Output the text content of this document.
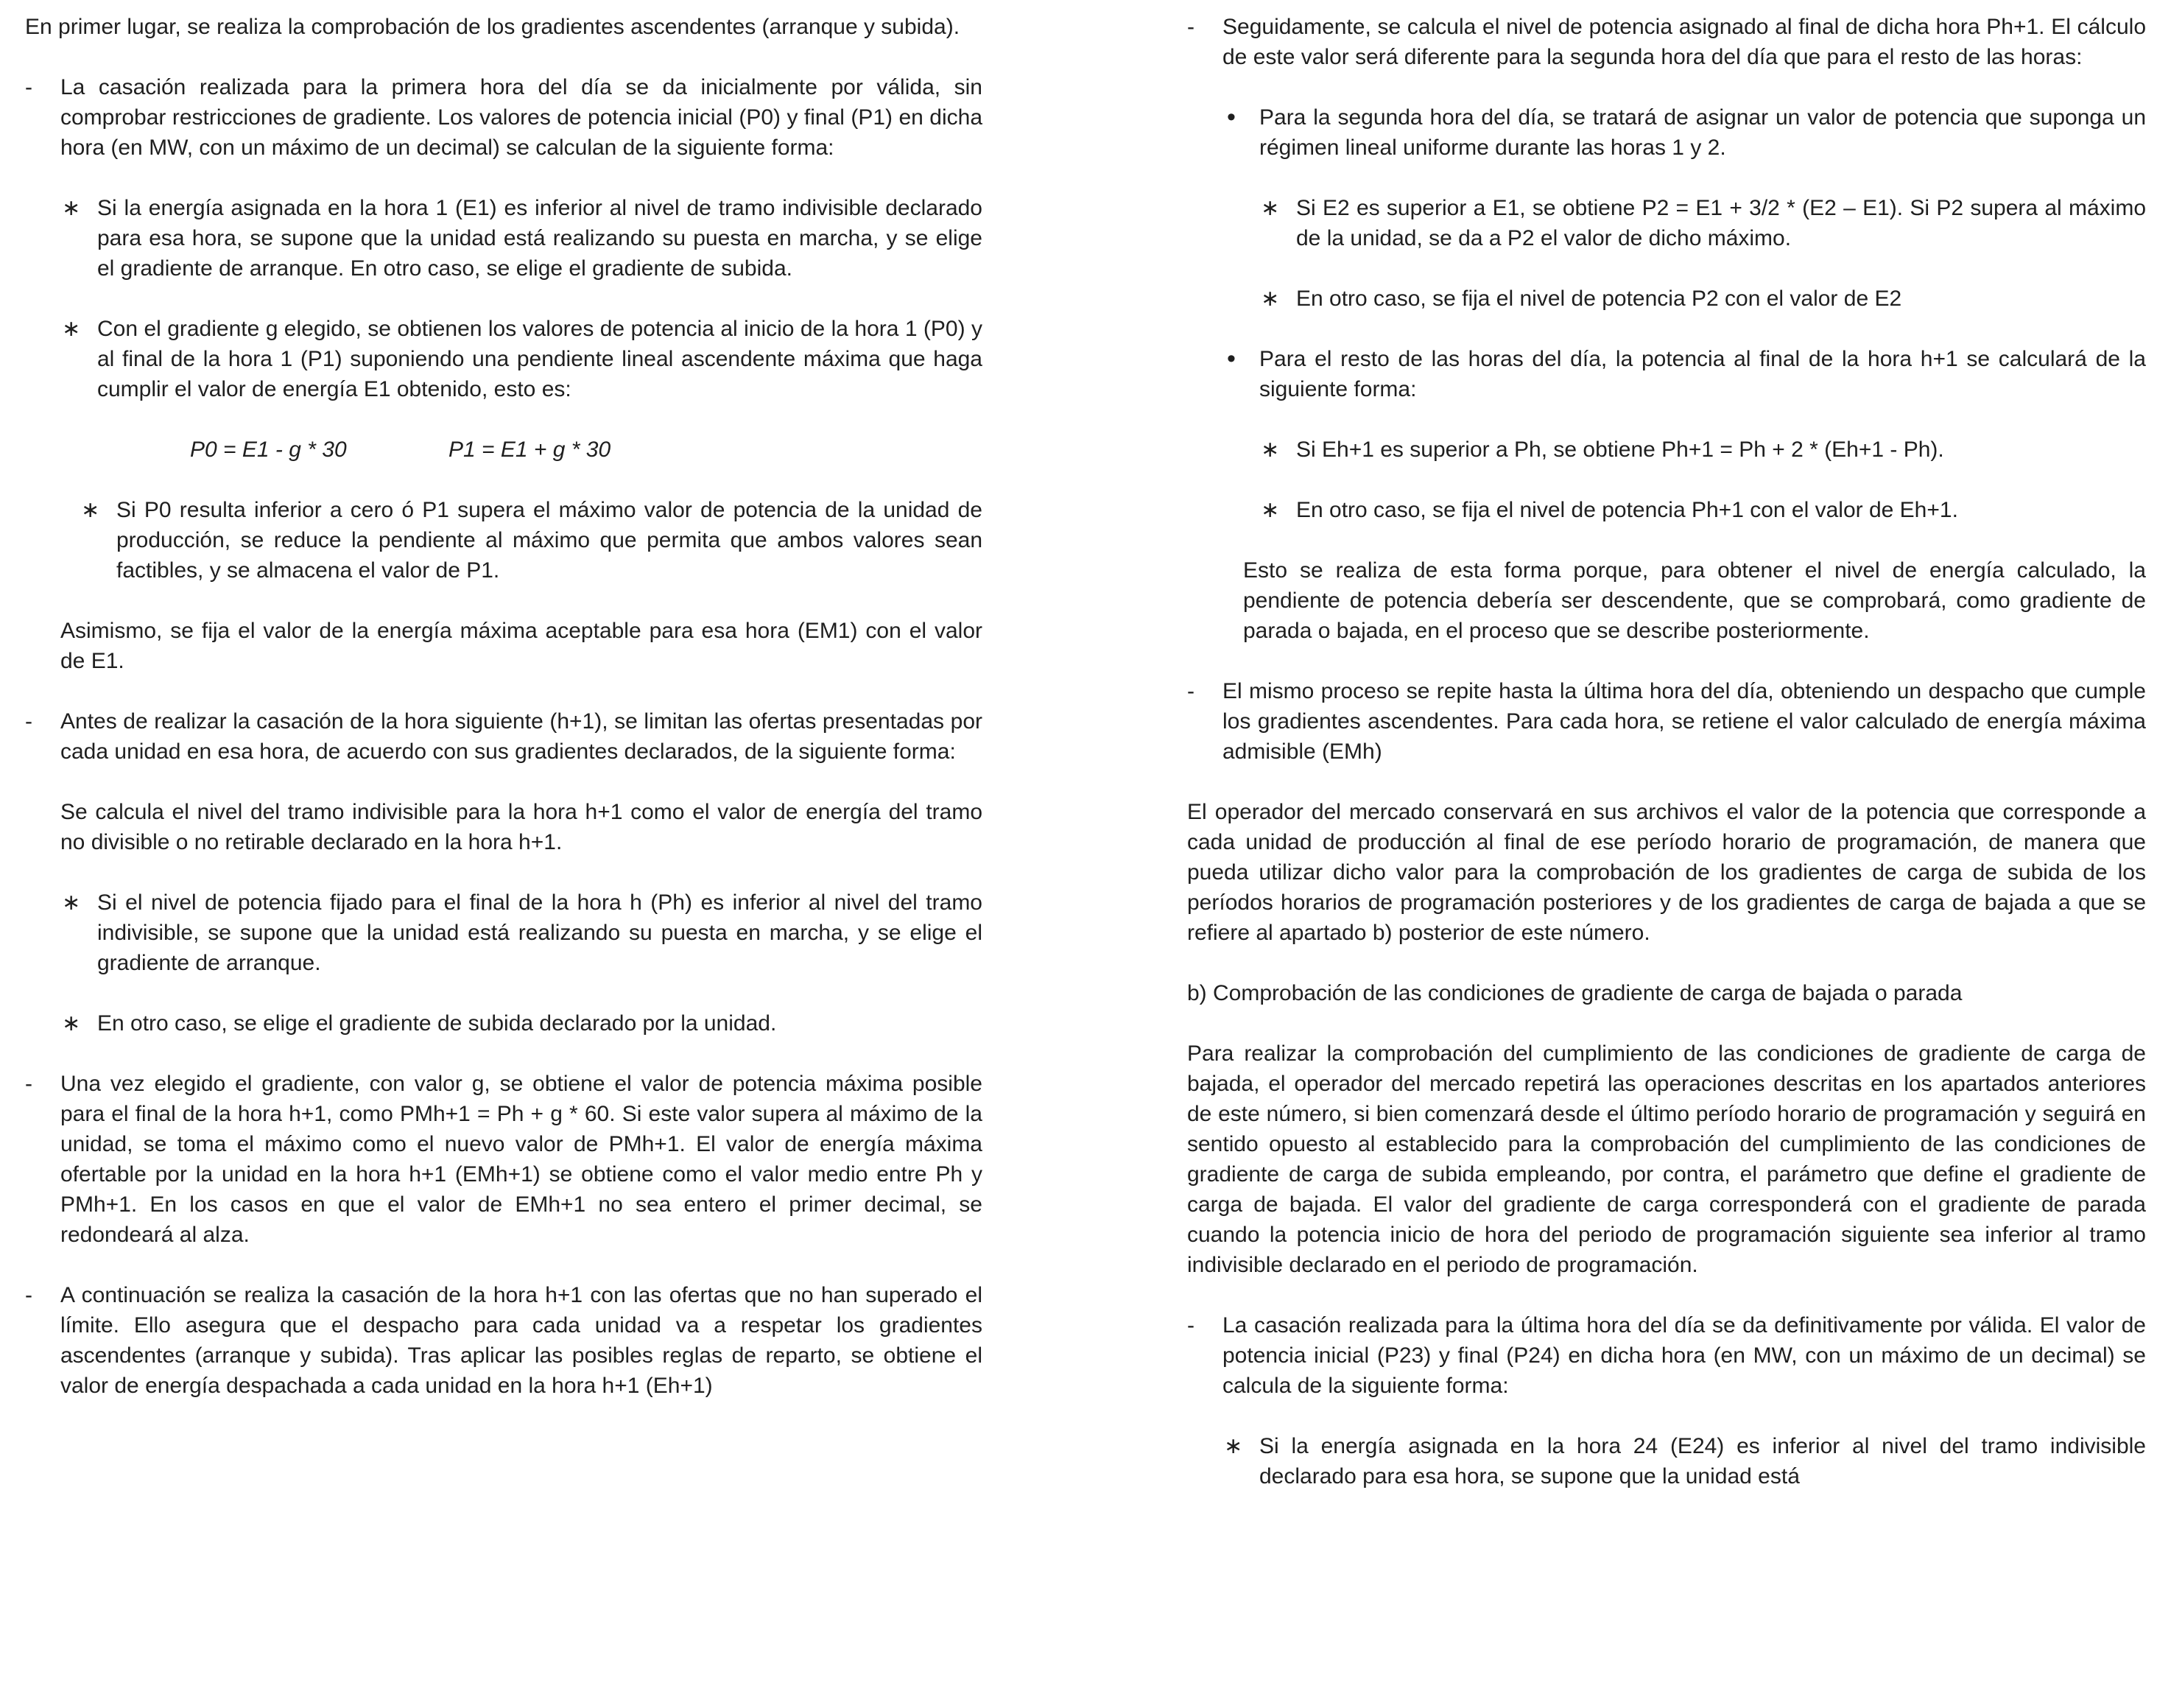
En primer lugar, se realiza la comprobación de los gradientes ascendentes (arranque y subida).

- La casación realizada para la primera hora del día se da inicialmente por válida, sin comprobar restricciones de gradiente. Los valores de potencia inicial (P0) y final (P1) en dicha hora (en MW, con un máximo de un decimal) se calculan de la siguiente forma:

∗ Si la energía asignada en la hora 1 (E1) es inferior al nivel de tramo indivisible declarado para esa hora, se supone que la unidad está realizando su puesta en marcha, y se elige el gradiente de arranque. En otro caso, se elige el gradiente de subida.

∗ Con el gradiente g elegido, se obtienen los valores de potencia al inicio de la hora 1 (P0) y al final de la hora 1 (P1) suponiendo una pendiente lineal ascendente máxima que haga cumplir el valor de energía E1 obtenido, esto es:

P0 = E1 - g * 30	P1 = E1 + g * 30

∗ Si P0 resulta inferior a cero ó P1 supera el máximo valor de potencia de la unidad de producción, se reduce la pendiente al máximo que permita que ambos valores sean factibles, y se almacena el valor de P1.

Asimismo, se fija el valor de la energía máxima aceptable para esa hora (EM1) con el valor de E1.

- Antes de realizar la casación de la hora siguiente (h+1), se limitan las ofertas presentadas por cada unidad en esa hora, de acuerdo con sus gradientes declarados, de la siguiente forma:

Se calcula el nivel del tramo indivisible para la hora h+1 como el valor de energía del tramo no divisible o no retirable declarado en la hora h+1.

∗ Si el nivel de potencia fijado para el final de la hora h (Ph) es inferior al nivel del tramo indivisible, se supone que la unidad está realizando su puesta en marcha, y se elige el gradiente de arranque.

∗ En otro caso, se elige el gradiente de subida declarado por la unidad.

- Una vez elegido el gradiente, con valor g, se obtiene el valor de potencia máxima posible para el final de la hora h+1, como PMh+1 = Ph + g * 60. Si este valor supera al máximo de la unidad, se toma el máximo como el nuevo valor de PMh+1. El valor de energía máxima ofertable por la unidad en la hora h+1 (EMh+1) se obtiene como el valor medio entre Ph y PMh+1. En los casos en que el valor de EMh+1 no sea entero el primer decimal, se redondeará al alza.

- A continuación se realiza la casación de la hora h+1 con las ofertas que no han superado el límite. Ello asegura que el despacho para cada unidad va a respetar los gradientes ascendentes (arranque y subida). Tras aplicar las posibles reglas de reparto, se obtiene el valor de energía despachada a cada unidad en la hora h+1 (Eh+1)

- Seguidamente, se calcula el nivel de potencia asignado al final de dicha hora Ph+1. El cálculo de este valor será diferente para la segunda hora del día que para el resto de las horas:

• Para la segunda hora del día, se tratará de asignar un valor de potencia que suponga un régimen lineal uniforme durante las horas 1 y 2.

∗ Si E2 es superior a E1, se obtiene P2 = E1 + 3/2 * (E2 – E1). Si P2 supera al máximo de la unidad, se da a P2 el valor de dicho máximo.

∗ En otro caso, se fija el nivel de potencia P2 con el valor de E2

• Para el resto de las horas del día, la potencia al final de la hora h+1 se calculará de la siguiente forma:

∗ Si Eh+1 es superior a Ph, se obtiene Ph+1 = Ph + 2 * (Eh+1 - Ph).

∗ En otro caso, se fija el nivel de potencia Ph+1 con el valor de Eh+1.

Esto se realiza de esta forma porque, para obtener el nivel de energía calculado, la pendiente de potencia debería ser descendente, que se comprobará, como gradiente de parada o bajada, en el proceso que se describe posteriormente.

- El mismo proceso se repite hasta la última hora del día, obteniendo un despacho que cumple los gradientes ascendentes. Para cada hora, se retiene el valor calculado de energía máxima admisible (EMh)

El operador del mercado conservará en sus archivos el valor de la potencia que corresponde a cada unidad de producción al final de ese período horario de programación, de manera que pueda utilizar dicho valor para la comprobación de los gradientes de carga de subida de los períodos horarios de programación posteriores y de los gradientes de carga de bajada a que se refiere al apartado b) posterior de este número.

b) Comprobación de las condiciones de gradiente de carga de bajada o parada

Para realizar la comprobación del cumplimiento de las condiciones de gradiente de carga de bajada, el operador del mercado repetirá las operaciones descritas en los apartados anteriores de este número, si bien comenzará desde el último período horario de programación y seguirá en sentido opuesto al establecido para la comprobación del cumplimiento de las condiciones de gradiente de carga de subida empleando, por contra, el parámetro que define el gradiente de carga de bajada. El valor del gradiente de carga corresponderá con el gradiente de parada cuando la potencia inicio de hora del periodo de programación siguiente sea inferior al tramo indivisible declarado en el periodo de programación.

- La casación realizada para la última hora del día se da definitivamente por válida. El valor de potencia inicial (P23) y final (P24) en dicha hora (en MW, con un máximo de un decimal) se calcula de la siguiente forma:

∗ Si la energía asignada en la hora 24 (E24) es inferior al nivel del tramo indivisible declarado para esa hora, se supone que la unidad está
